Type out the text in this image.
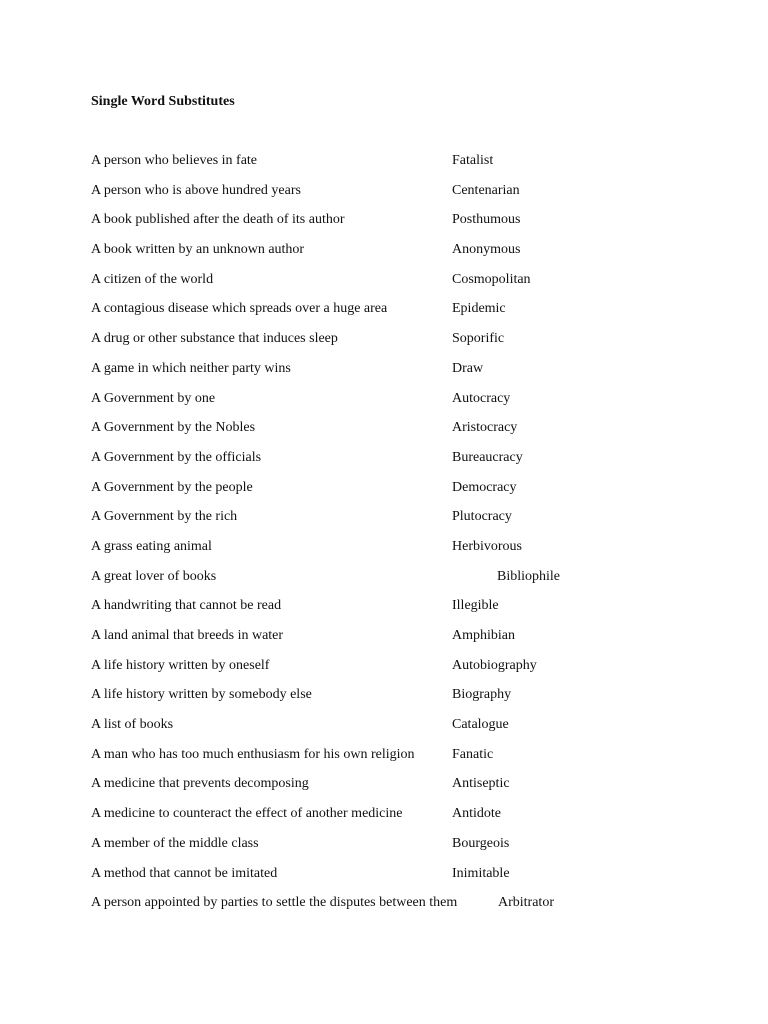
Single Word Substitutes
A person who believes in fate	Fatalist
A person who is above hundred years	Centenarian
A book published after the death of its author	Posthumous
A book written by an unknown author	Anonymous
A citizen of the world	Cosmopolitan
A contagious disease which spreads over a huge area	Epidemic
A drug or other substance that induces sleep	Soporific
A game in which neither party wins	Draw
A Government by one	Autocracy
A Government by the Nobles	Aristocracy
A Government by the officials	Bureaucracy
A Government by the people	Democracy
A Government by the rich	Plutocracy
A grass eating animal	Herbivorous
A great lover of books	Bibliophile
A handwriting that cannot be read	Illegible
A land animal that breeds in water	Amphibian
A life history written by oneself	Autobiography
A life history written by somebody else	Biography
A list of books	Catalogue
A man who has too much enthusiasm for his own religion	Fanatic
A medicine that prevents decomposing	Antiseptic
A medicine to counteract the effect of another medicine	Antidote
A member of the middle class	Bourgeois
A method that cannot be imitated	Inimitable
A person appointed by parties to settle the disputes between them	Arbitrator
